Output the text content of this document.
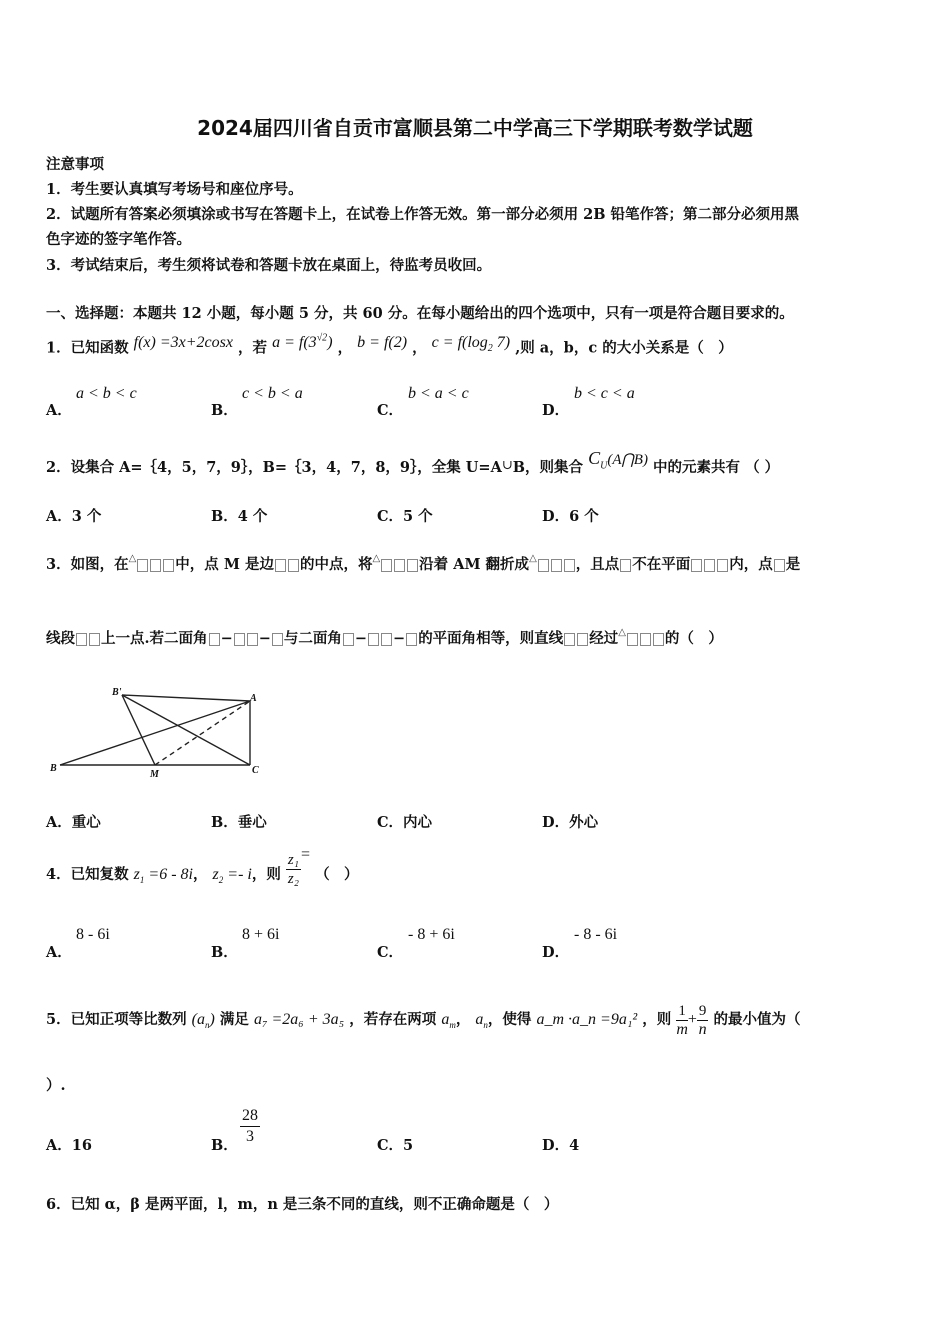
2024届四川省自贡市富顺县第二中学高三下学期联考数学试题
注意事项
1．考生要认真填写考场号和座位序号。
2．试题所有答案必须填涂或书写在答题卡上，在试卷上作答无效。第一部分必须用 2B 铅笔作答；第二部分必须用黑
色字迹的签字笔作答。
3．考试结束后，考生须将试卷和答题卡放在桌面上，待监考员收回。
一、选择题：本题共 12 小题，每小题 5 分，共 60 分。在每小题给出的四个选项中，只有一项是符合题目要求的。
1．已知函数 f(x) =3x+2cosx ，若 $a = f(3^{√2})$ ， b = f(2) ， $c = f(\log_2$ 7) ,则 a，b，c 的大小关系是（　）
A．
a < b < c
B．
c < b < a
C．
b < a < c
D．
b < c < a
2．设集合 A=｛4，5，7，9｝，B=｛3，4，7，8，9｝，全集 U=A∪B，则集合 $C_U(A⋂B)$ 中的元素共有 （ ）
A．3 个	B．4 个	C．5 个	D．6 个
3．如图，在△	中，点 M 是边 的中点，将△	沿着 AM 翻折成△	，且点 不在平面	内，点 是
线段 上一点.若二面角 − − 与二面角 − − 的平面角相等，则直线 经过△	的（　）
B'
A
B
M	C
A．重心	B．垂心	C．内心	D．外心
4．已知复数 $z_1 =6 - 8i$， $z_2 =- i$，则 $\frac{\text{z₁}}{\text{z₂}}$ = （　）
A．
8 - 6i
B．
8 + 6i
C．
- 8 + 6i
D．
- 8 - 6i
5．已知正项等比数列 $(a_n)$ 满足 a₇ =2a₆ + 3a₅ ，若存在两项 $a_m$， $a_n$，使得 a_m ·a_n =9a₁² ，则 $\frac{1}{m} + \frac{9}{n}$ 的最小值为（
）.
A．16	B． $\frac{28}{3}$	C．5	D．4
6．已知 α，β 是两平面，l，m，n 是三条不同的直线，则不正确命题是（　）
